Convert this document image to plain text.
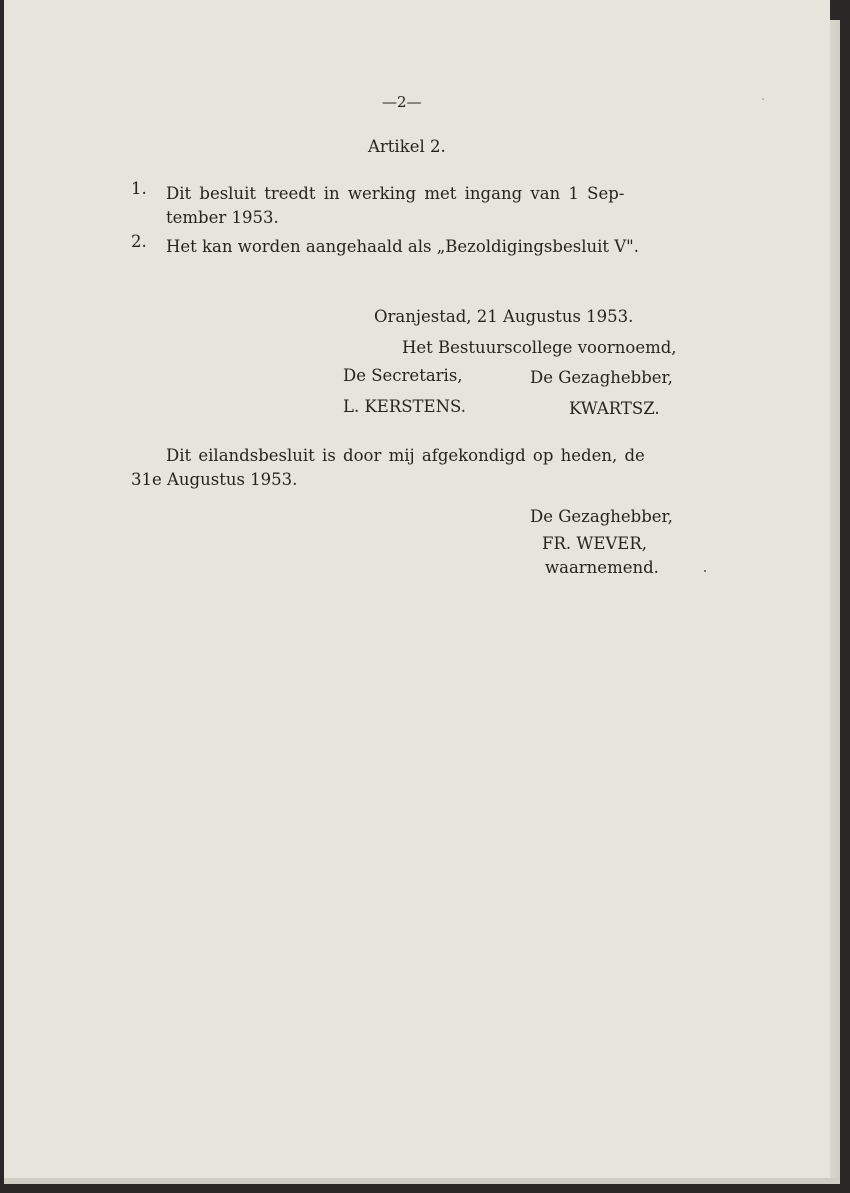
—2—

Artikel 2.

1. Dit besluit treedt in werking met ingang van 1 Sep-

tember 1953.

2. Het kan worden aangehaald als „Bezoldigingsbesluit V".

Oranjestad, 21 Augustus 1953.

Het Bestuurscollege voornoemd,

De Secretaris,	De Gezaghebber,

L. KERSTENS.	KWARTSZ.

Dit eilandsbesluit is door mij afgekondigd op heden, de

31e Augustus 1953.

De Gezaghebber,

FR. WEVER,

waarnemend.
